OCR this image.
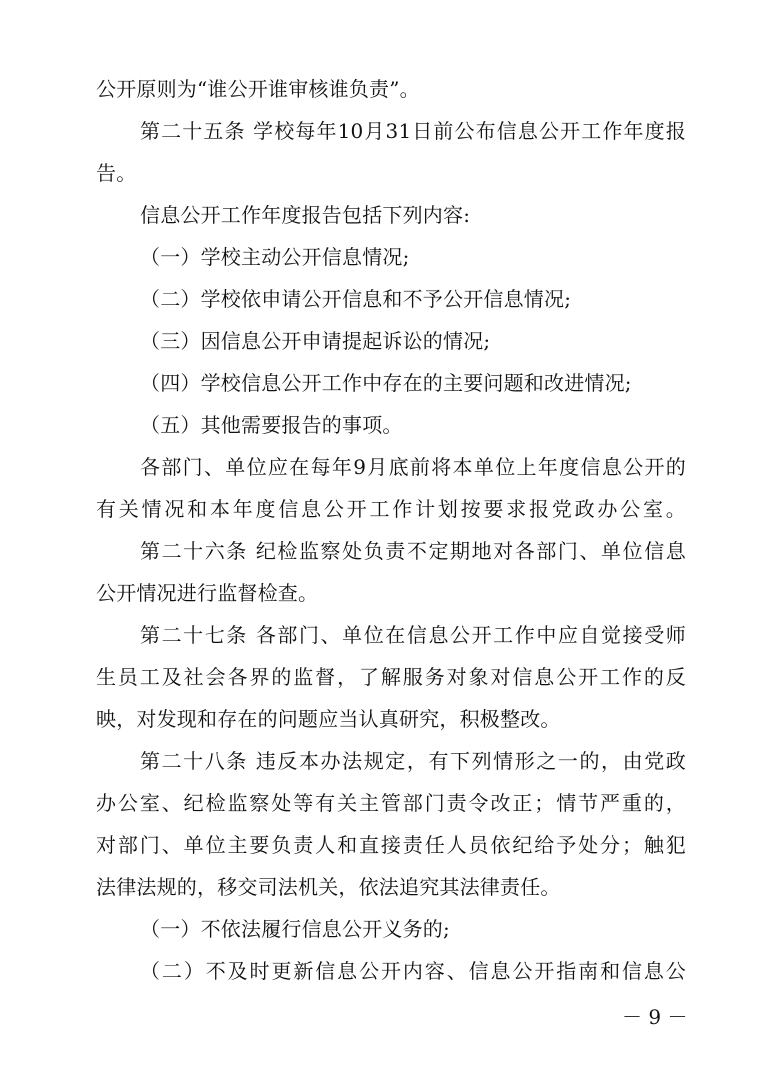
公开原则为“谁公开谁审核谁负责”。
第二十五条 学校每年10月31日前公布信息公开工作年度报
告。
信息公开工作年度报告包括下列内容:
（一）学校主动公开信息情况;
（二）学校依申请公开信息和不予公开信息情况;
（三）因信息公开申请提起诉讼的情况;
（四）学校信息公开工作中存在的主要问题和改进情况;
（五）其他需要报告的事项。
各部门、单位应在每年9月底前将本单位上年度信息公开的
有关情况和本年度信息公开工作计划按要求报党政办公室。
第二十六条 纪检监察处负责不定期地对各部门、单位信息
公开情况进行监督检查。
第二十七条 各部门、单位在信息公开工作中应自觉接受师
生员工及社会各界的监督，了解服务对象对信息公开工作的反
映，对发现和存在的问题应当认真研究，积极整改。
第二十八条 违反本办法规定，有下列情形之一的，由党政
办公室、纪检监察处等有关主管部门责令改正；情节严重的，
对部门、单位主要负责人和直接责任人员依纪给予处分；触犯
法律法规的，移交司法机关，依法追究其法律责任。
（一）不依法履行信息公开义务的;
（二）不及时更新信息公开内容、信息公开指南和信息公
－ 9 －
